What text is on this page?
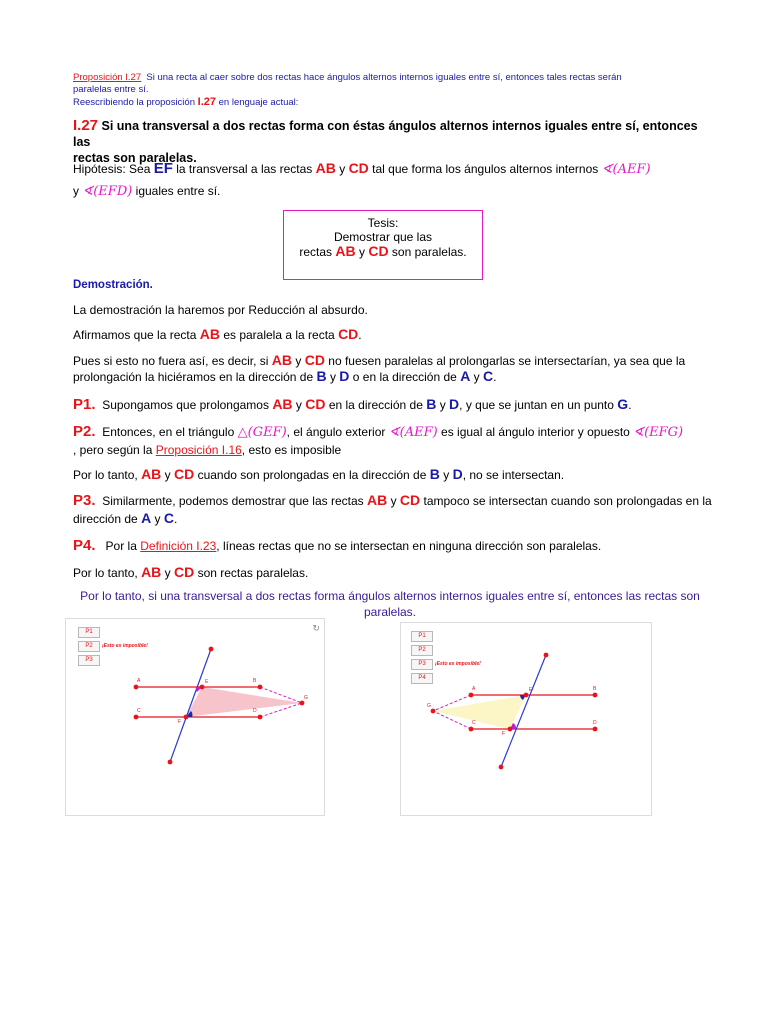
Proposición I.27 Si una recta al caer sobre dos rectas hace ángulos alternos internos iguales entre sí, entonces tales rectas serán
paralelas entre sí.
Reescribiendo la proposición I.27 en lenguaje actual:
I.27 Si una transversal a dos rectas forma con éstas ángulos alternos internos iguales entre sí, entonces las
rectas son paralelas.
Hipótesis: Sea EF la transversal a las rectas AB y CD tal que forma los ángulos alternos internos ∢(AEF)
y ∢(EFD) iguales entre sí.
Tesis:
Demostrar que las
rectas AB y CD son paralelas.
Demostración.
La demostración la haremos por Reducción al absurdo.
Afirmamos que la recta AB es paralela a la recta CD.
Pues si esto no fuera así, es decir, si AB y CD no fuesen paralelas al prolongarlas se intersectarían, ya sea que la
prolongación la hiciéramos en la dirección de B y D o en la dirección de A y C.
P1. Supongamos que prolongamos AB y CD en la dirección de B y D, y que se juntan en un punto G.
P2. Entonces, en el triángulo △(GEF), el ángulo exterior ∢(AEF) es igual al ángulo interior y opuesto ∢(EFG)
, pero según la Proposición I.16, esto es imposible
Por lo tanto, AB y CD cuando son prolongadas en la dirección de B y D, no se intersectan.
P3. Similarmente, podemos demostrar que las rectas AB y CD tampoco se intersectan cuando son prolongadas en la
dirección de A y C.
P4. Por la Definición I.23, líneas rectas que no se intersectan en ninguna dirección son paralelas.
Por lo tanto, AB y CD son rectas paralelas.
Por lo tanto, si una transversal a dos rectas forma ángulos alternos internos iguales entre sí, entonces las rectas son
paralelas.
P1
P2
P3
¡Esto es imposible!
↻
A	B
C	D
E
F
G
P1
P2
P3
P4
¡Esto es imposible!
A	B
C	D
E
F
G
